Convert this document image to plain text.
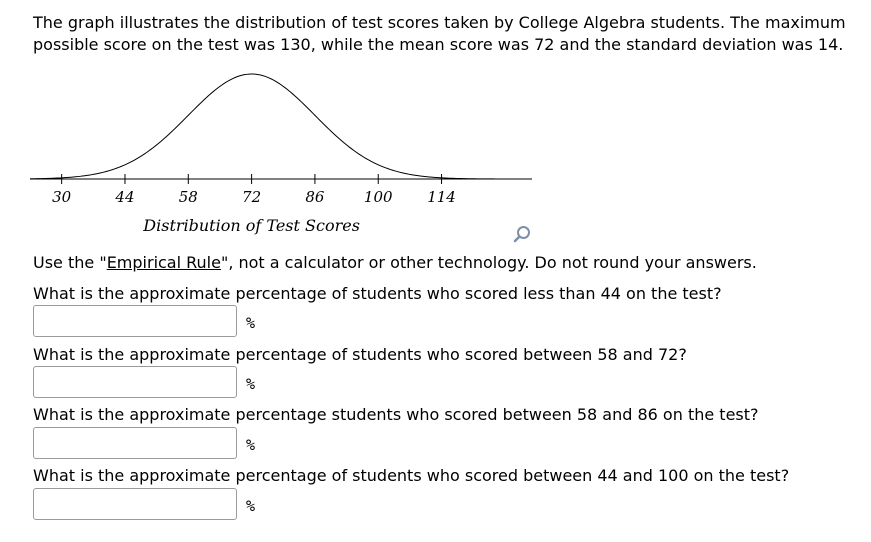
The graph illustrates the distribution of test scores taken by College Algebra students. The maximum possible score on the test was 130, while the mean score was 72 and the standard deviation was 14.
30	44	58	72	86	100 114
Distribution of Test Scores
Use the "Empirical Rule", not a calculator or other technology. Do not round your answers.
What is the approximate percentage of students who scored less than 44 on the test?
%
What is the approximate percentage of students who scored between 58 and 72?
%
What is the approximate percentage students who scored between 58 and 86 on the test?
%
What is the approximate percentage of students who scored between 44 and 100 on the test?
%
